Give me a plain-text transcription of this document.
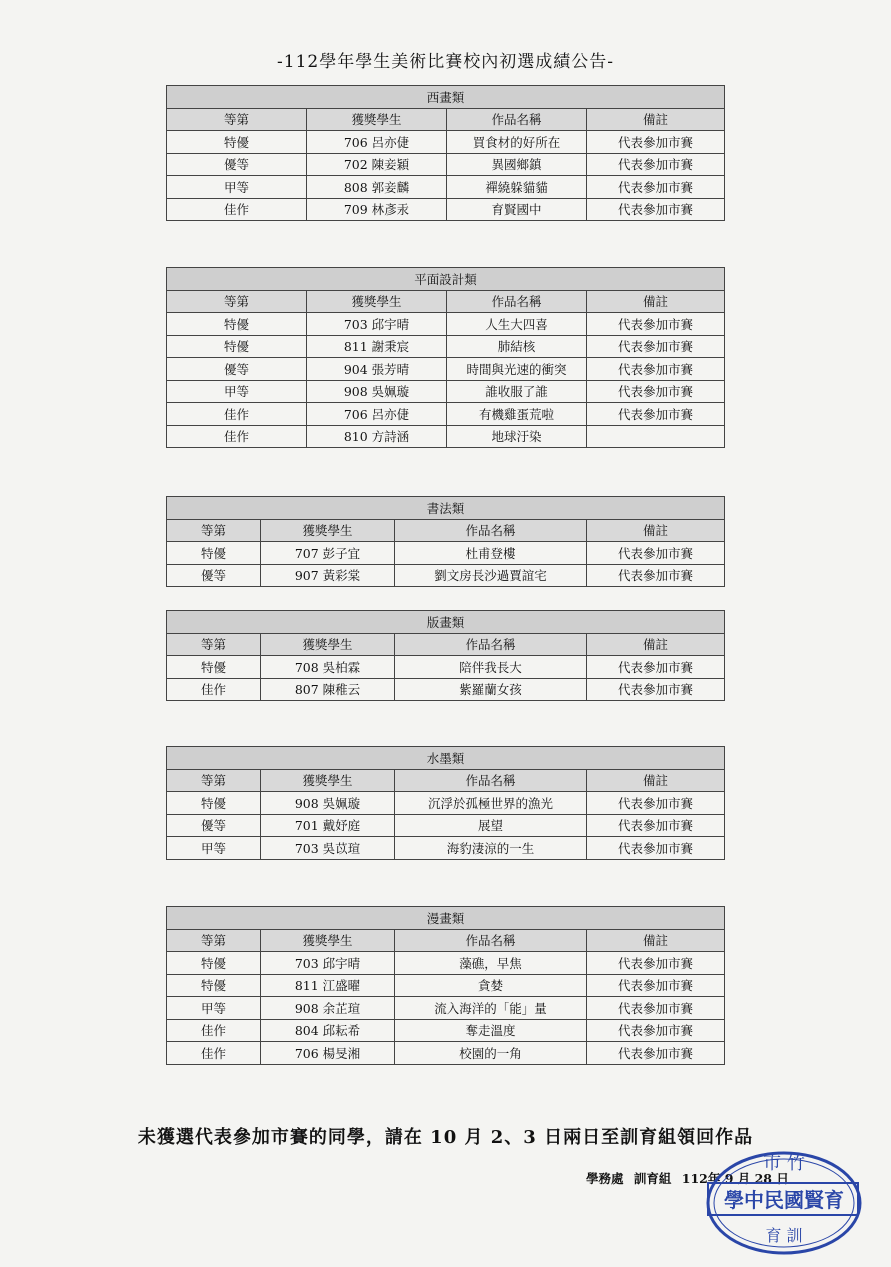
-112學年學生美術比賽校內初選成績公告-
西畫類			
等第	獲獎學生	作品名稱	備註
特優	706 呂亦倢	買食材的好所在	代表參加市賽
優等	702 陳妾穎	異國鄉鎮	代表參加市賽
甲等	808 郭妾麟	禪繞躲貓貓	代表參加市賽
佳作	709 林彥汞	育賢國中	代表參加市賽
平面設計類			
等第	獲獎學生	作品名稱	備註
特優	703 邱宇晴	人生大四喜	代表參加市賽
特優	811 謝秉宸	肺結核	代表參加市賽
優等	904 張芳晴	時間與光速的衝突	代表參加市賽
甲等	908 吳姵璇	誰收服了誰	代表參加市賽
佳作	706 呂亦倢	有機雞蛋荒啦	代表參加市賽
佳作	810 方詩涵	地球汙染	
書法類			
等第	獲獎學生	作品名稱	備註
特優	707 彭子宜	杜甫登樓	代表參加市賽
優等	907 黃彩棠	劉文房長沙過賈誼宅	代表參加市賽
版畫類			
等第	獲獎學生	作品名稱	備註
特優	708 吳柏霖	陪伴我長大	代表參加市賽
佳作	807 陳稚云	紫羅蘭女孩	代表參加市賽
水墨類			
等第	獲獎學生	作品名稱	備註
特優	908 吳姵璇	沉浮於孤極世界的漁光	代表參加市賽
優等	701 戴妤庭	展望	代表參加市賽
甲等	703 吳苡瑄	海豹淒涼的一生	代表參加市賽
漫畫類			
等第	獲獎學生	作品名稱	備註
特優	703 邱宇晴	藻礁，早焦	代表參加市賽
特優	811 江盛曜	貪婪	代表參加市賽
甲等	908 余芷瑄	流入海洋的「能」量	代表參加市賽
佳作	804 邱耘希	奪走溫度	代表參加市賽
佳作	706 楊旻湘	校園的一角	代表參加市賽
未獲選代表參加市賽的同學，請在 10 月 2、3 日兩日至訓育組領回作品
學務處 訓育組 112年 9 月 28 日
市 竹
學中民國賢育
育 訓
